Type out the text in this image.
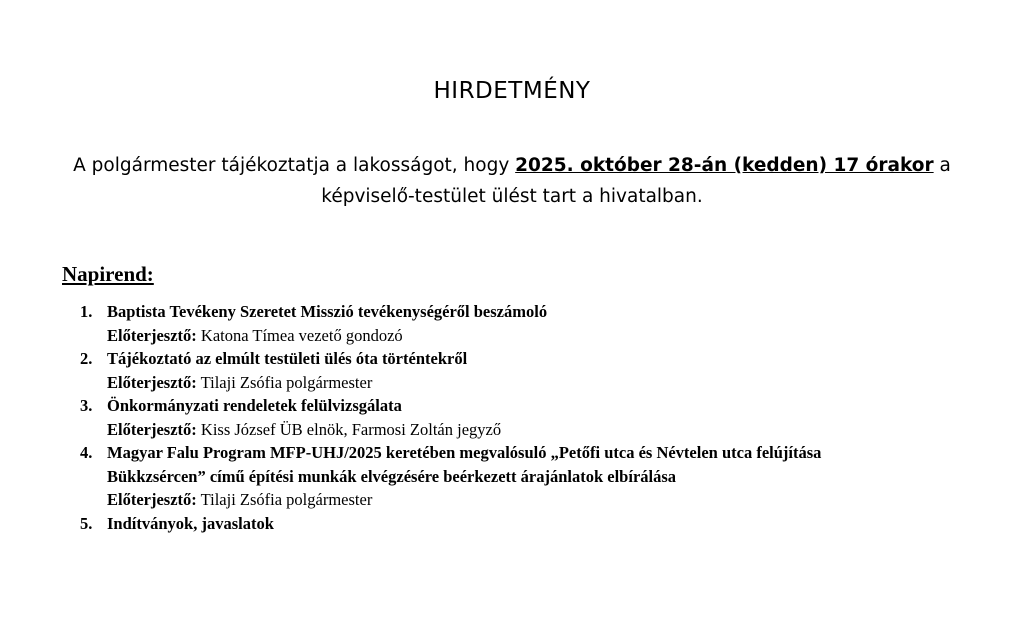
HIRDETMÉNY
A polgármester tájékoztatja a lakosságot, hogy 2025. október 28-án (kedden) 17 órakor a
képviselő-testület ülést tart a hivatalban.
Napirend:
1. Baptista Tevékeny Szeretet Misszió tevékenységéről beszámoló
Előterjesztő: Katona Tímea vezető gondozó
2. Tájékoztató az elmúlt testületi ülés óta történtekről
Előterjesztő: Tilaji Zsófia polgármester
3. Önkormányzati rendeletek felülvizsgálata
Előterjesztő: Kiss József ÜB elnök, Farmosi Zoltán jegyző
4. Magyar Falu Program MFP-UHJ/2025 keretében megvalósuló „Petőfi utca és Névtelen utca felújítása
Bükkzsércen” című építési munkák elvégzésére beérkezett árajánlatok elbírálása
Előterjesztő: Tilaji Zsófia polgármester
5. Indítványok, javaslatok
